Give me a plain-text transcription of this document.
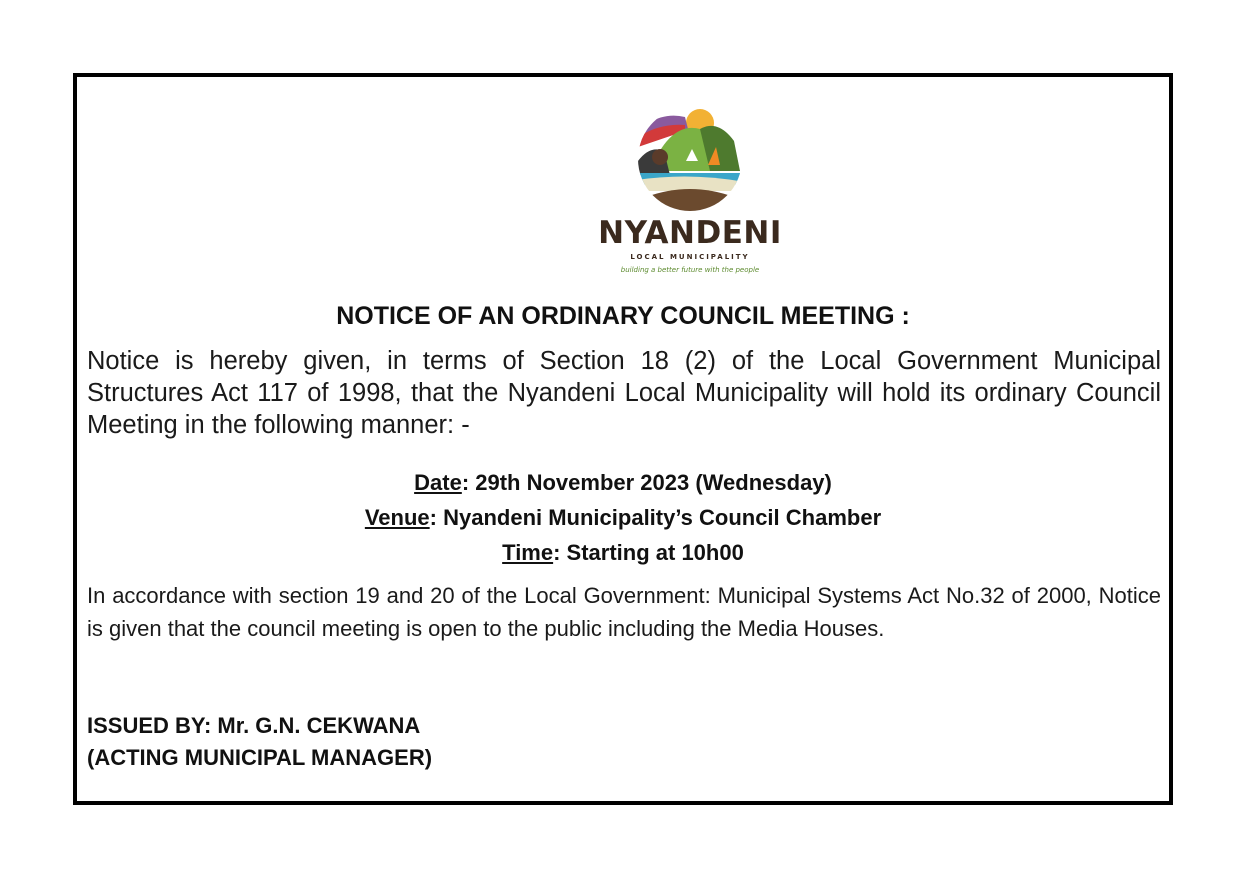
NYANDENI
LOCAL MUNICIPALITY
building a better future with the people
NOTICE OF AN ORDINARY COUNCIL MEETING :
Notice is hereby given, in terms of Section 18 (2) of the Local Government Municipal Structures Act 117 of 1998, that the Nyandeni Local Municipality will hold its ordinary Council Meeting in the following manner: -
Date: 29th November 2023 (Wednesday)
Venue: Nyandeni Municipality’s Council Chamber
Time: Starting at 10h00
In accordance with section 19 and 20 of the Local Government: Municipal Systems Act No.32 of 2000, Notice is given that the council meeting is open to the public including the Media Houses.
ISSUED BY: Mr. G.N. CEKWANA
(ACTING MUNICIPAL MANAGER)
